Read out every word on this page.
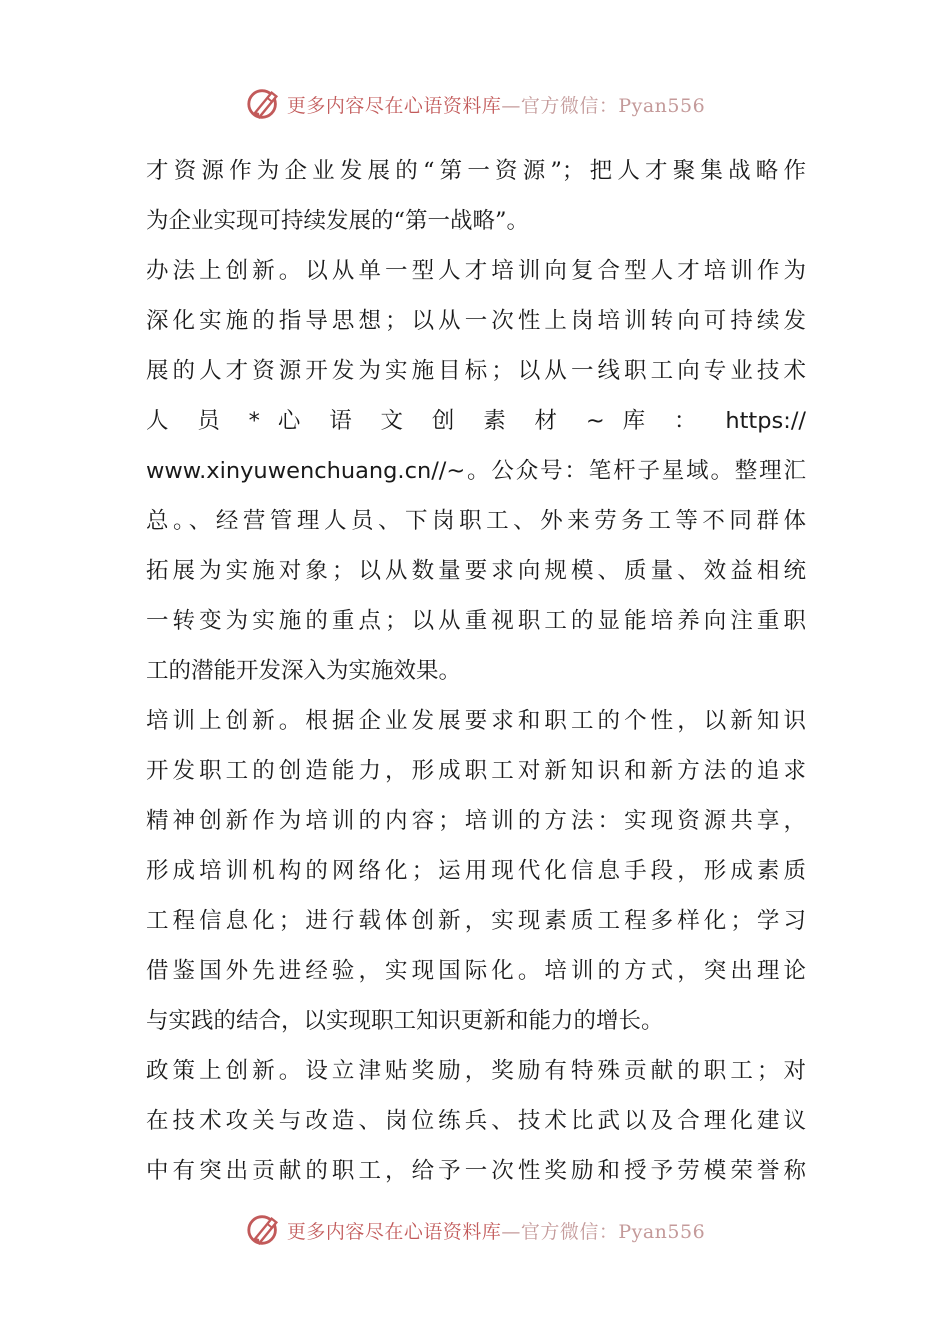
更多内容尽在心语资料库—官方微信：Pyan556
才资源作为企业发展的“第一资源”；把人才聚集战略作
为企业实现可持续发展的“第一战略”。
办法上创新。以从单一型人才培训向复合型人才培训作为
深化实施的指导思想；以从一次性上岗培训转向可持续发
展的人才资源开发为实施目标；以从一线职工向专业技术
人 员 * 心 语 文 创 素 材 ~ 库 ： https://
www.xinyuwenchuang.cn//~。公众号：笔杆子星域。整理汇
总。、经营管理人员、下岗职工、外来劳务工等不同群体
拓展为实施对象；以从数量要求向规模、质量、效益相统
一转变为实施的重点；以从重视职工的显能培养向注重职
工的潜能开发深入为实施效果。
培训上创新。根据企业发展要求和职工的个性，以新知识
开发职工的创造能力，形成职工对新知识和新方法的追求
精神创新作为培训的内容；培训的方法：实现资源共享，
形成培训机构的网络化；运用现代化信息手段，形成素质
工程信息化；进行载体创新，实现素质工程多样化；学习
借鉴国外先进经验，实现国际化。培训的方式，突出理论
与实践的结合，以实现职工知识更新和能力的增长。
政策上创新。设立津贴奖励，奖励有特殊贡献的职工；对
在技术攻关与改造、岗位练兵、技术比武以及合理化建议
中有突出贡献的职工，给予一次性奖励和授予劳模荣誉称
更多内容尽在心语资料库—官方微信：Pyan556
